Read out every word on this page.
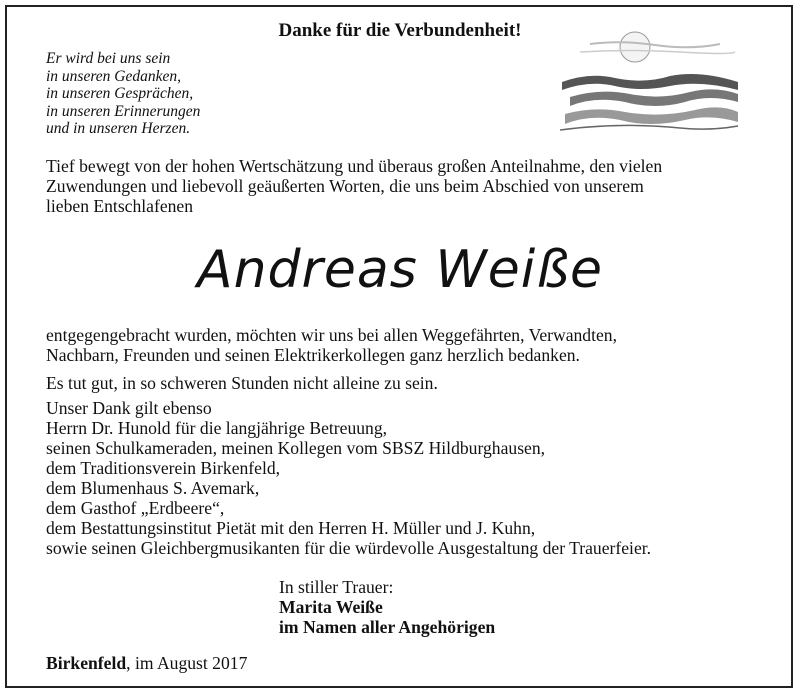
Danke für die Verbundenheit!
Er wird bei uns sein
in unseren Gedanken,
in unseren Gesprächen,
in unseren Erinnerungen
und in unseren Herzen.
Tief bewegt von der hohen Wertschätzung und überaus großen Anteilnahme, den vielen
Zuwendungen und liebevoll geäußerten Worten, die uns beim Abschied von unserem
lieben Entschlafenen
Andreas Weiße
entgegengebracht wurden, möchten wir uns bei allen Weggefährten, Verwandten,
Nachbarn, Freunden und seinen Elektrikerkollegen ganz herzlich bedanken.
Es tut gut, in so schweren Stunden nicht alleine zu sein.
Unser Dank gilt ebenso
Herrn Dr. Hunold für die langjährige Betreuung,
seinen Schulkameraden, meinen Kollegen vom SBSZ Hildburghausen,
dem Traditionsverein Birkenfeld,
dem Blumenhaus S. Avemark,
dem Gasthof „Erdbeere“,
dem Bestattungsinstitut Pietät mit den Herren H. Müller und J. Kuhn,
sowie seinen Gleichbergmusikanten für die würdevolle Ausgestaltung der Trauerfeier.
In stiller Trauer:
Marita Weiße
im Namen aller Angehörigen
Birkenfeld, im August 2017
